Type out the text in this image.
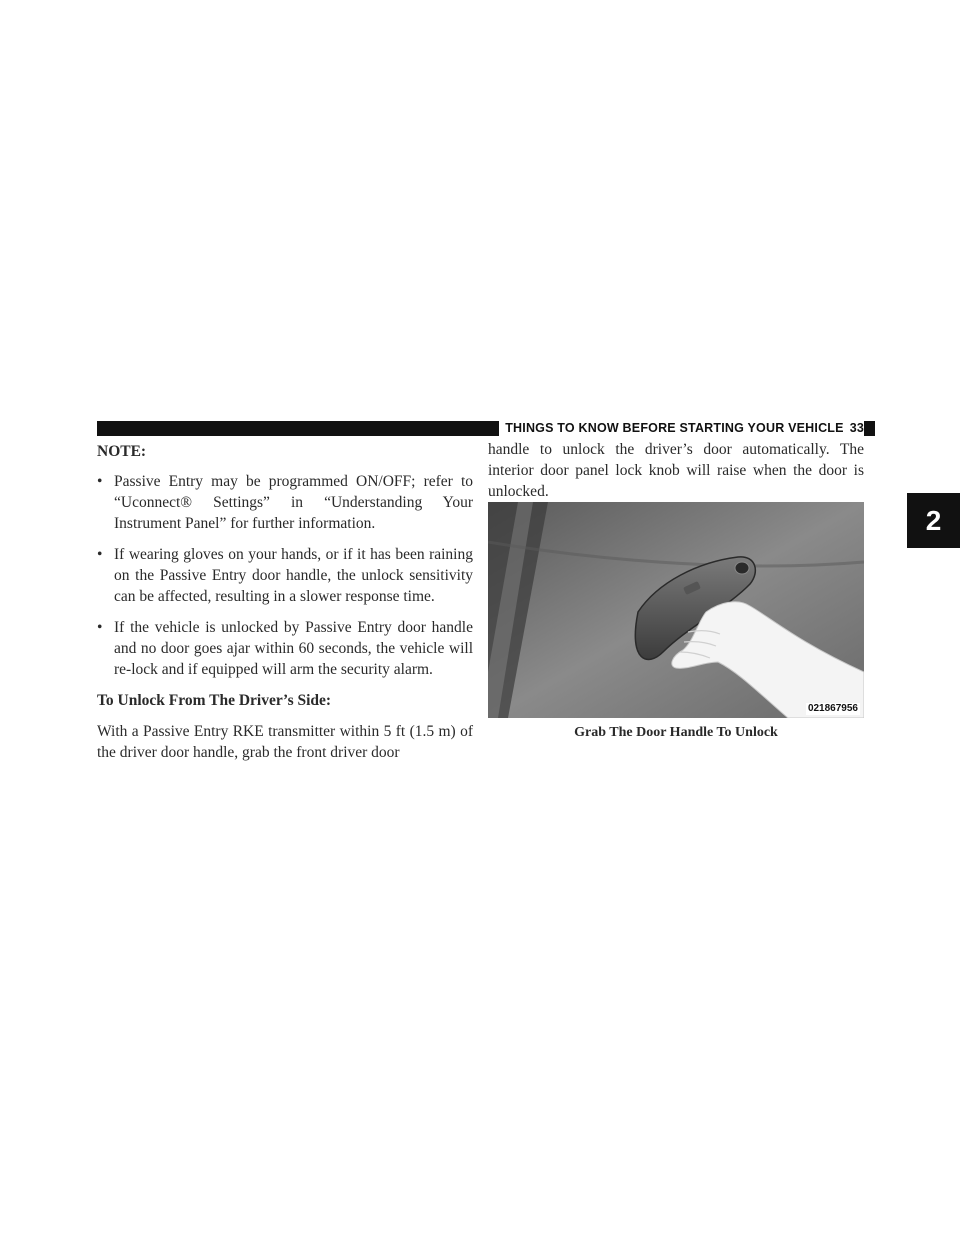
THINGS TO KNOW BEFORE STARTING YOUR VEHICLE 33
2
NOTE:
• Passive Entry may be programmed ON/OFF; refer to “Uconnect® Settings” in “Understanding Your Instrument Panel” for further information.
• If wearing gloves on your hands, or if it has been raining on the Passive Entry door handle, the unlock sensitivity can be affected, resulting in a slower response time.
• If the vehicle is unlocked by Passive Entry door handle and no door goes ajar within 60 seconds, the vehicle will re-lock and if equipped will arm the security alarm.
To Unlock From The Driver’s Side:

With a Passive Entry RKE transmitter within 5 ft (1.5 m) of the driver door handle, grab the front driver door

handle to unlock the driver’s door automatically. The interior door panel lock knob will raise when the door is unlocked.

021867956
Grab The Door Handle To Unlock
